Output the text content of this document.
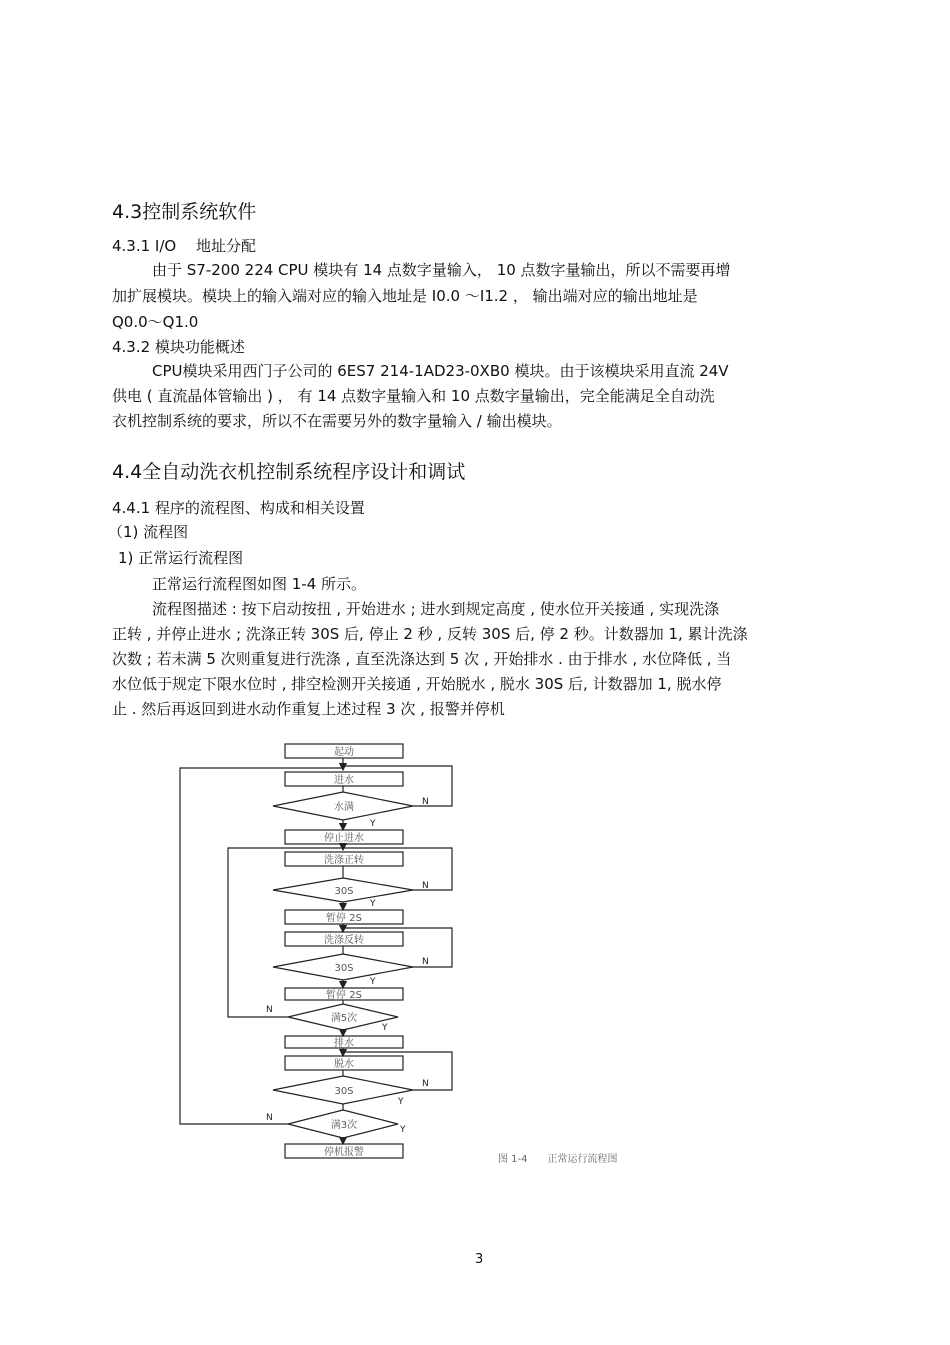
4.3控制系统软件
4.3.1 I/O　 地址分配
由于 S7-200 224 CPU 模块有 14 点数字量输入， 10 点数字量输出，所以不需要再增
加扩展模块。模块上的输入端对应的输入地址是 I0.0 ～I1.2 ， 输出端对应的输出地址是
Q0.0～Q1.0
4.3.2 模块功能概述
CPU模块采用西门子公司的 6ES7 214-1AD23-0XB0 模块。由于该模块采用直流 24V
供电 ( 直流晶体管输出 ) ， 有 14 点数字量输入和 10 点数字量输出，完全能满足全自动洗
衣机控制系统的要求，所以不在需要另外的数字量输入 / 输出模块。
4.4全自动洗衣机控制系统程序设计和调试
4.4.1 程序的流程图、构成和相关设置
（1) 流程图
1) 正常运行流程图
正常运行流程图如图 1-4 所示。
流程图描述 : 按下启动按扭 , 开始进水 ; 进水到规定高度 , 使水位开关接通 , 实现洗涤
正转 , 并停止进水 ; 洗涤正转 30S 后, 停止 2 秒 , 反转 30S 后, 停 2 秒。计数器加 1, 累计洗涤
次数 ; 若未满 5 次则重复进行洗涤 , 直至洗涤达到 5 次 , 开始排水 . 由于排水 , 水位降低 , 当
水位低于规定下限水位时 , 排空检测开关接通 , 开始脱水 , 脱水 30S 后, 计数器加 1, 脱水停
止 . 然后再返回到进水动作重复上述过程 3 次 , 报警并停机
起动
进水
水满
停止进水
洗涤正转
30S
暂停 2S
洗涤反转
30S
暂停 2S
满5次
排水
脱水
30S
满3次
停机报警
N
Y
N
Y
N
Y
N
Y
N
Y
N
Y
图 1-4　　正常运行流程图
3
